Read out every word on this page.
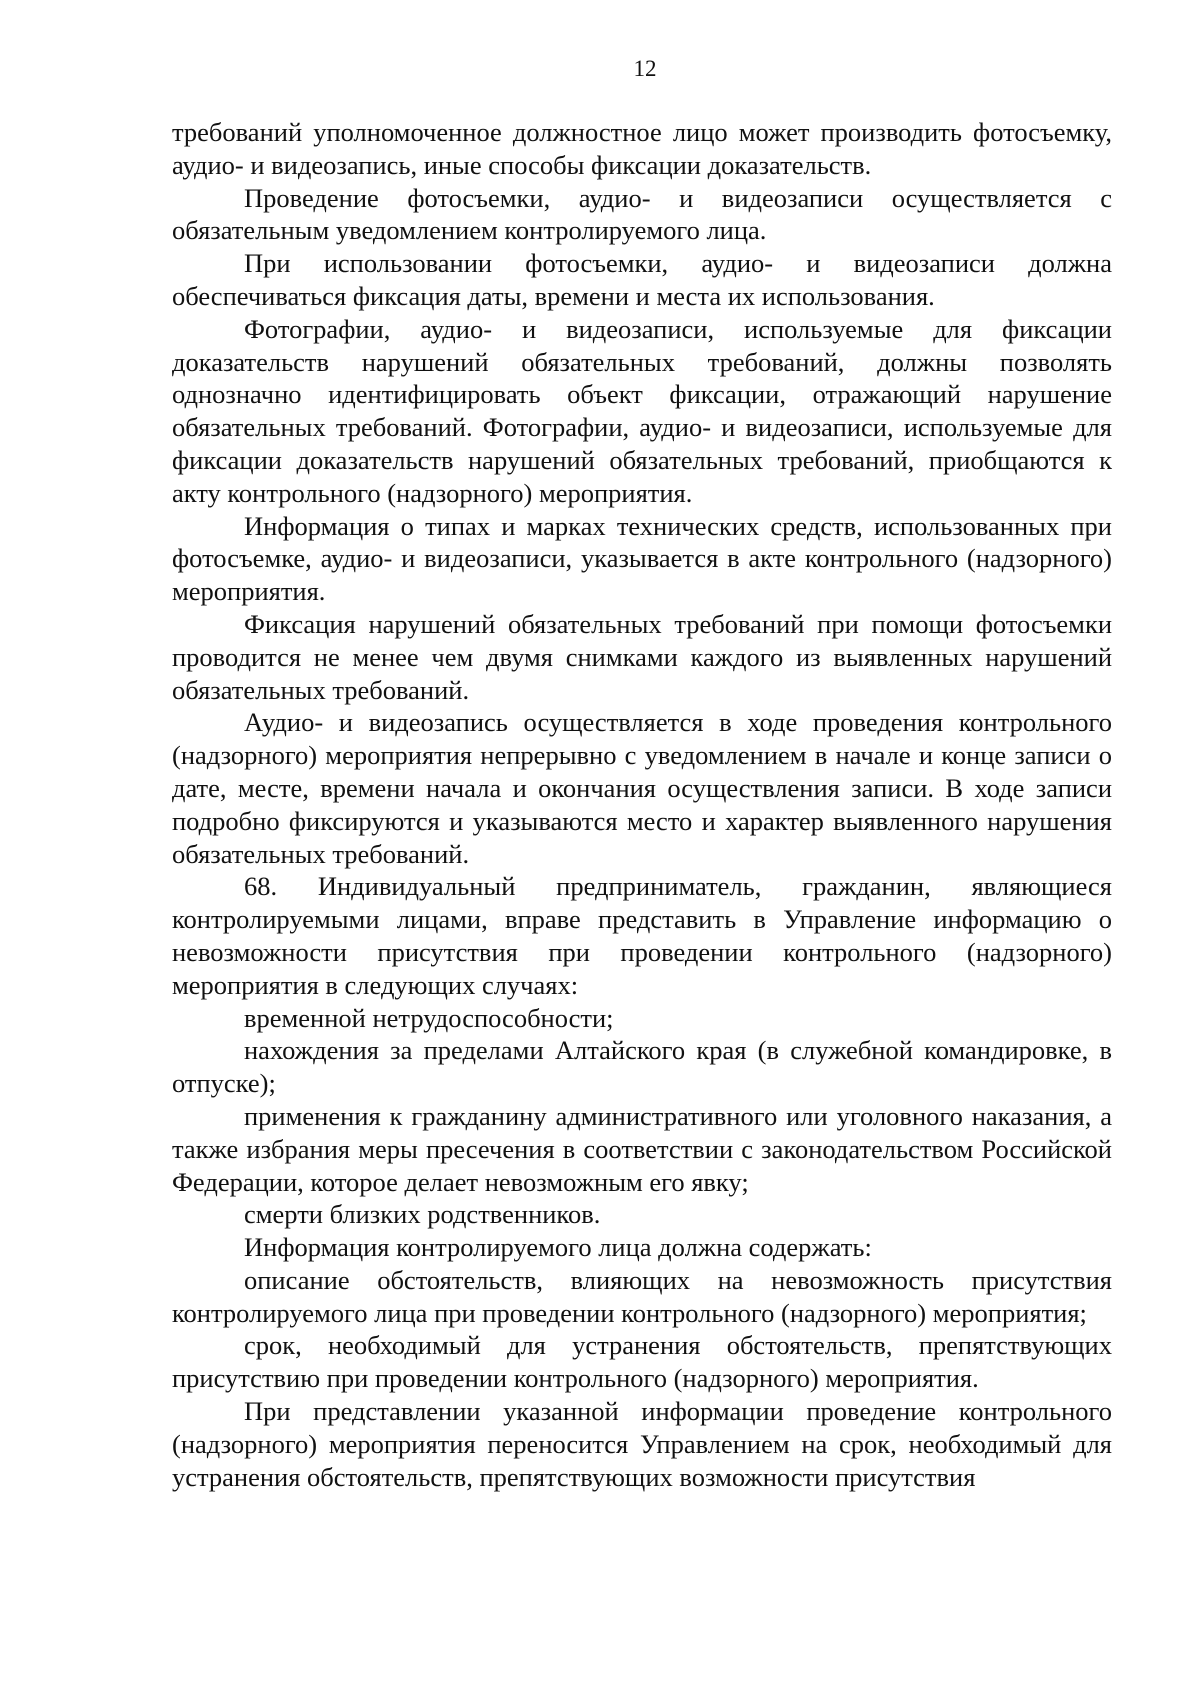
12

требований уполномоченное должностное лицо может производить фотосъемку, аудио- и видеозапись, иные способы фиксации доказательств.

Проведение фотосъемки, аудио- и видеозаписи осуществляется с обязательным уведомлением контролируемого лица.

При использовании фотосъемки, аудио- и видеозаписи должна обеспечиваться фиксация даты, времени и места их использования.

Фотографии, аудио- и видеозаписи, используемые для фиксации доказательств нарушений обязательных требований, должны позволять однозначно идентифицировать объект фиксации, отражающий нарушение обязательных требований. Фотографии, аудио- и видеозаписи, используемые для фиксации доказательств нарушений обязательных требований, приобщаются к акту контрольного (надзорного) мероприятия.

Информация о типах и марках технических средств, использованных при фотосъемке, аудио- и видеозаписи, указывается в акте контрольного (надзорного) мероприятия.

Фиксация нарушений обязательных требований при помощи фотосъемки проводится не менее чем двумя снимками каждого из выявленных нарушений обязательных требований.

Аудио- и видеозапись осуществляется в ходе проведения контрольного (надзорного) мероприятия непрерывно с уведомлением в начале и конце записи о дате, месте, времени начала и окончания осуществления записи. В ходе записи подробно фиксируются и указываются место и характер выявленного нарушения обязательных требований.

68. Индивидуальный предприниматель, гражданин, являющиеся контролируемыми лицами, вправе представить в Управление информацию о невозможности присутствия при проведении контрольного (надзорного) мероприятия в следующих случаях:

временной нетрудоспособности;

нахождения за пределами Алтайского края (в служебной командировке, в отпуске);

применения к гражданину административного или уголовного наказания, а также избрания меры пресечения в соответствии с законодательством Российской Федерации, которое делает невозможным его явку;

смерти близких родственников.

Информация контролируемого лица должна содержать:

описание обстоятельств, влияющих на невозможность присутствия контролируемого лица при проведении контрольного (надзорного) мероприятия;

срок, необходимый для устранения обстоятельств, препятствующих присутствию при проведении контрольного (надзорного) мероприятия.

При представлении указанной информации проведение контрольного (надзорного) мероприятия переносится Управлением на срок, необходимый для устранения обстоятельств, препятствующих возможности присутствия
